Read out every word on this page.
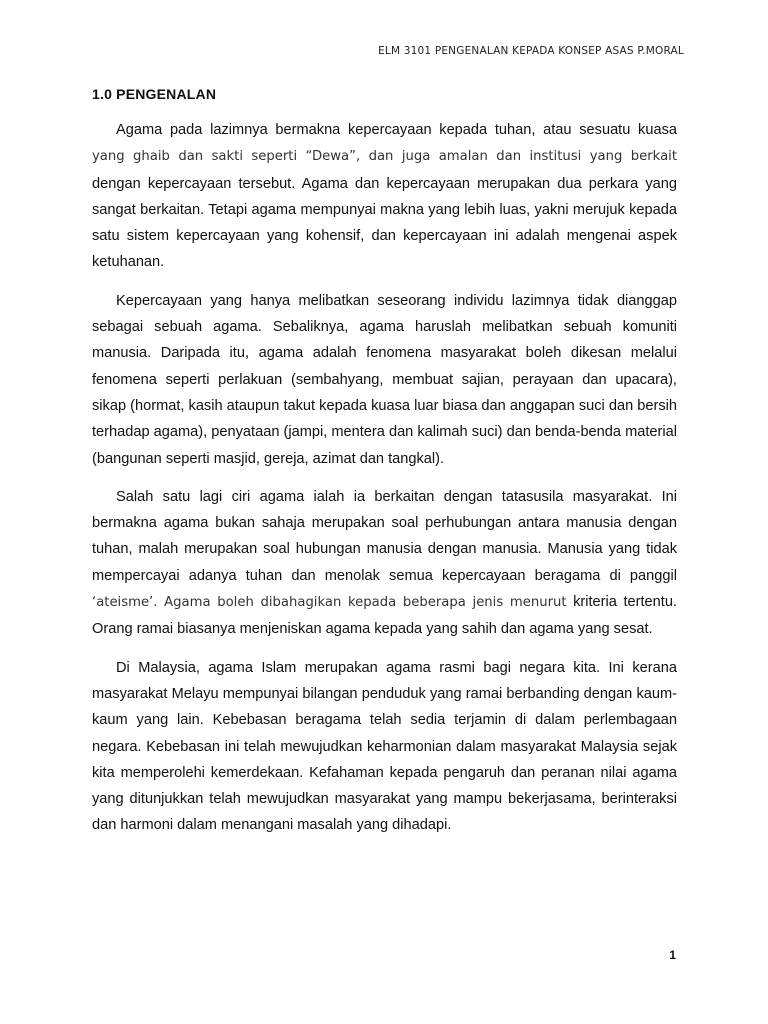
ELM 3101 PENGENALAN KEPADA KONSEP ASAS P.MORAL
1.0 PENGENALAN

Agama pada lazimnya bermakna kepercayaan kepada tuhan, atau sesuatu kuasa yang ghaib dan sakti seperti “Dewa”, dan juga amalan dan institusi yang berkait dengan kepercayaan tersebut. Agama dan kepercayaan merupakan dua perkara yang sangat berkaitan. Tetapi agama mempunyai makna yang lebih luas, yakni merujuk kepada satu sistem kepercayaan yang kohensif, dan kepercayaan ini adalah mengenai aspek ketuhanan.

Kepercayaan yang hanya melibatkan seseorang individu lazimnya tidak dianggap sebagai sebuah agama. Sebaliknya, agama haruslah melibatkan sebuah komuniti manusia. Daripada itu, agama adalah fenomena masyarakat boleh dikesan melalui fenomena seperti perlakuan (sembahyang, membuat sajian, perayaan dan upacara), sikap (hormat, kasih ataupun takut kepada kuasa luar biasa dan anggapan suci dan bersih terhadap agama), penyataan (jampi, mentera dan kalimah suci) dan benda-benda material (bangunan seperti masjid, gereja, azimat dan tangkal).

Salah satu lagi ciri agama ialah ia berkaitan dengan tatasusila masyarakat. Ini bermakna agama bukan sahaja merupakan soal perhubungan antara manusia dengan tuhan, malah merupakan soal hubungan manusia dengan manusia. Manusia yang tidak mempercayai adanya tuhan dan menolak semua kepercayaan beragama di panggil ‘ateisme’. Agama boleh dibahagikan kepada beberapa jenis menurut kriteria tertentu. Orang ramai biasanya menjeniskan agama kepada yang sahih dan agama yang sesat.

Di Malaysia, agama Islam merupakan agama rasmi bagi negara kita. Ini kerana masyarakat Melayu mempunyai bilangan penduduk yang ramai berbanding dengan kaum-kaum yang lain. Kebebasan beragama telah sedia terjamin di dalam perlembagaan negara. Kebebasan ini telah mewujudkan keharmonian dalam masyarakat Malaysia sejak kita memperolehi kemerdekaan. Kefahaman kepada pengaruh dan peranan nilai agama yang ditunjukkan telah mewujudkan masyarakat yang mampu bekerjasama, berinteraksi dan harmoni dalam menangani masalah yang dihadapi.

1
